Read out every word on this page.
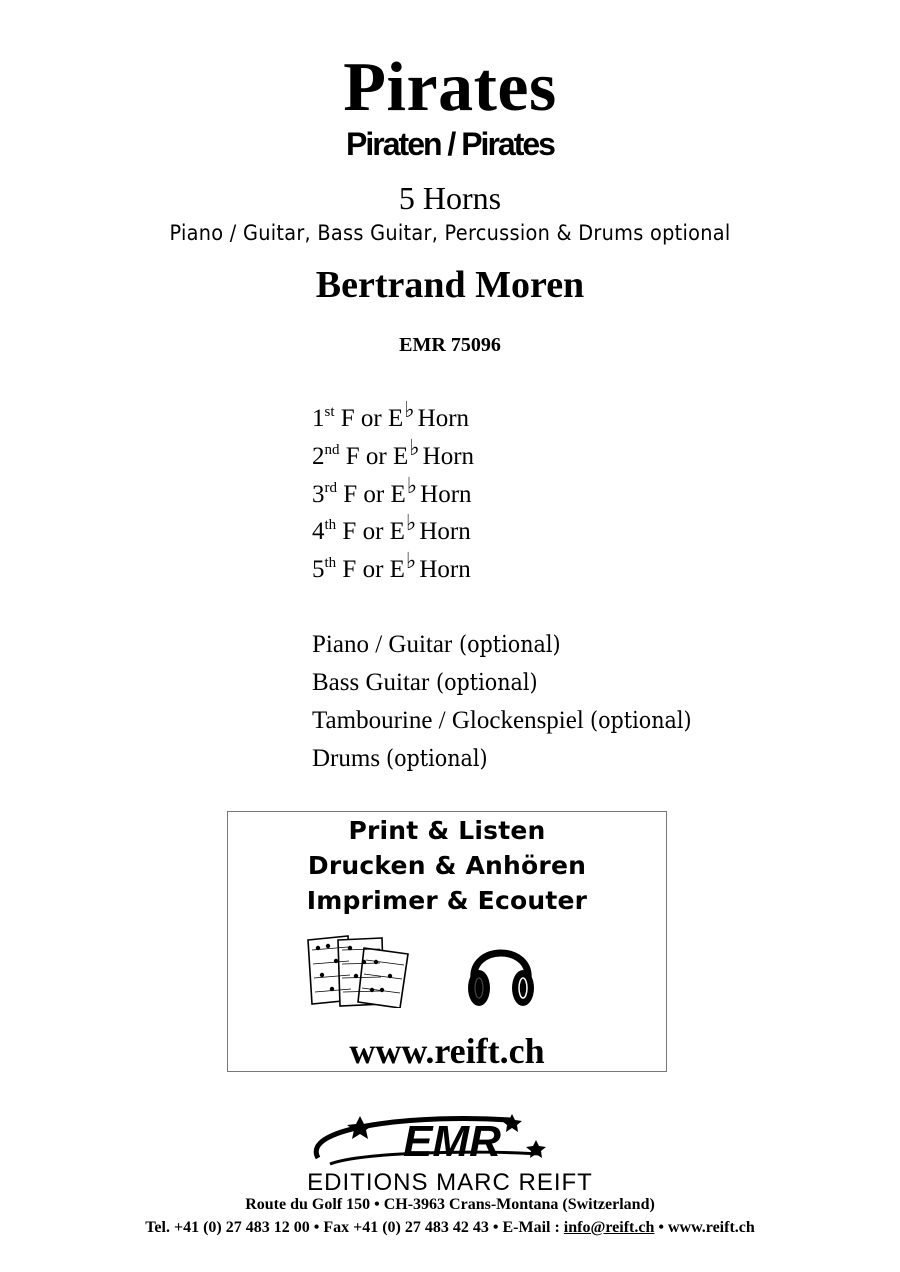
Pirates
Piraten / Pirates
5 Horns
Piano / Guitar, Bass Guitar, Percussion & Drums optional
Bertrand Moren
EMR 75096
1st F or E♭ Horn
2nd F or E♭ Horn
3rd F or E♭ Horn
4th F or E♭ Horn
5th F or E♭ Horn
Piano / Guitar (optional)
Bass Guitar (optional)
Tambourine / Glockenspiel (optional)
Drums (optional)
Print & Listen
Drucken & Anhören
Imprimer & Ecouter
www.reift.ch
EMR
EDITIONS MARC REIFT
Route du Golf 150 • CH-3963 Crans-Montana (Switzerland)
Tel. +41 (0) 27 483 12 00 • Fax +41 (0) 27 483 42 43 • E-Mail : info@reift.ch • www.reift.ch
